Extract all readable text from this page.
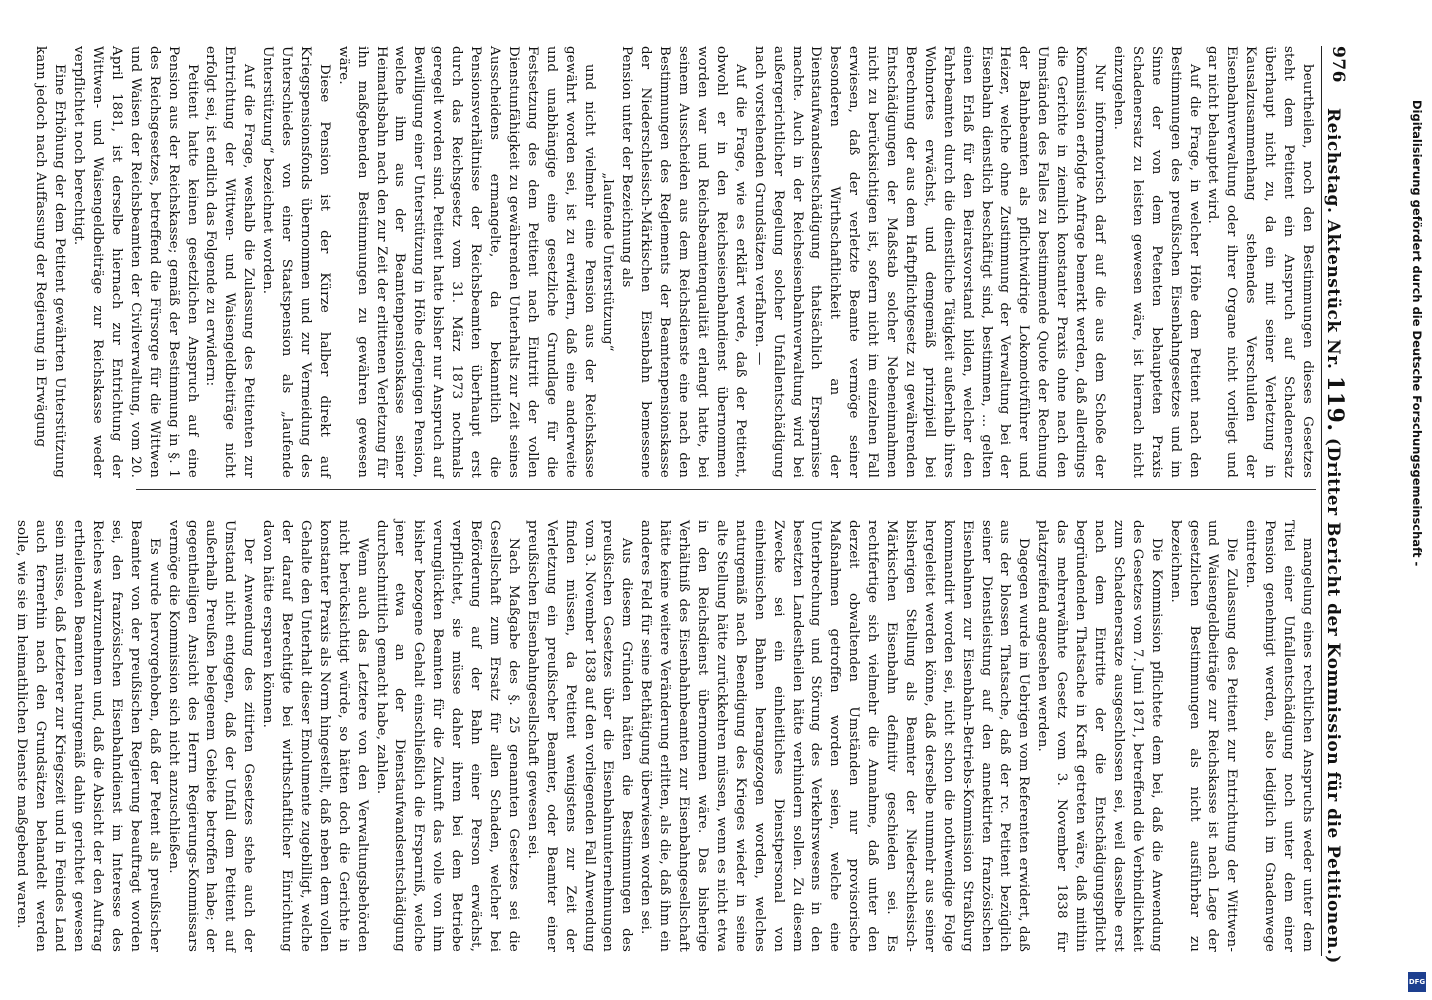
976
Reichstag. Aktenstück Nr. 119. (Dritter Bericht der Kommission für die Petitionen.)

beurtheilen, noch den Bestimmungen dieses Gesetzes steht dem Petitent ein Anspruch auf Schadenersatz überhaupt nicht zu, da ein mit seiner Verletzung in Kausalzusammenhang stehendes Verschulden der Eisenbahnverwaltung oder ihrer Organe nicht vorliegt und gar nicht behauptet wird.

Auf die Frage, in welcher Höhe dem Petitent nach den Bestimmungen des preußischen Eisenbahngesetzes und im Sinne der von dem Petenten behaupteten Praxis Schadenersatz zu leisten gewesen wäre, ist hiernach nicht einzugehen.

Nur informatorisch darf auf die aus dem Schoße der Kommission erfolgte Anfrage bemerkt werden, daß allerdings die Gerichte in ziemlich konstanter Praxis ohne nach den Umständen des Falles zu bestimmende Quote der Rechnung der Bahnbeamten als pflichtwidrige Lokomotivführer und Heizer, welche ohne Zustimmung der Verwaltung bei der Eisenbahn dienstlich beschäftigt sind, bestimmen, ... gelten einen Erlaß für den Beiratsvorstand bilden, welcher den Fahrbeamten durch die dienstliche Tätigkeit außerhalb ihres Wohnortes erwächst, und demgemäß prinzipiell bei Berechnung der aus dem Haftpflichtgesetz zu gewährenden Entschädigungen der Maßstab solcher Nebeneinnahmen nicht zu berücksichtigen ist, sofern nicht im einzelnen Fall erwiesen, daß der verletzte Beamte vermöge seiner besonderen Wirthschaftlichkeit an der Dienstaufwandsentschädigung thatsächlich Ersparnisse machte. Auch in der Reichseisenbahnverwaltung wird bei außergerichtlicher Regelung solcher Unfallentschädigung nach vorstehenden Grundsätzen verfahren. —

Auf die Frage, wie es erklärt werde, daß der Petitent, obwohl er in den Reichseisenbahndienst übernommen worden war und Reichsbeamtenqualität erlangt hatte, bei seinem Ausscheiden aus dem Reichsdienste eine nach den Bestimmungen des Reglements der Beamtenpensionskasse der Niederschlesisch-Märkischen Eisenbahn bemessene Pension unter der Bezeichnung als

„laufende Unterstützung“

und nicht vielmehr eine Pension aus der Reichskasse gewährt worden sei, ist zu erwidern, daß eine anderweite und unabhängige eine gesetzliche Grundlage für die Festsetzung des dem Petitent nach Eintritt der vollen Dienstunfähigkeit zu gewährenden Unterhalts zur Zeit seines Ausscheidens ermangelte, da bekanntlich die Pensionsverhältnisse der Reichsbeamten überhaupt erst durch das Reichsgesetz vom 31. März 1873 nochmals geregelt worden sind. Petitent hatte bisher nur Anspruch auf Bewilligung einer Unterstützung in Höhe derjenigen Pension, welche ihm aus der Beamtenpensionskasse seiner Heimathsbahn nach den zur Zeit der erlittenen Verletzung für ihn maßgebenden Bestimmungen zu gewähren gewesen wäre.

Diese Pension ist der Kürze halber direkt auf Kriegspensionsfonds übernommen und zur Vermeidung des Unterschiedes von einer Staatspension als „laufende Unterstützung“ bezeichnet worden.

Auf die Frage, weshalb die Zulassung des Petitenten zur Entrichtung der Wittwen- und Waisengeldbeiträge nicht erfolgt sei, ist endlich das Folgende zu erwidern:

Petitent hatte keinen gesetzlichen Anspruch auf eine Pension aus der Reichskasse; gemäß der Bestimmung in §. 1 des Reichsgesetzes, betreffend die Fürsorge für die Wittwen und Waisen der Reichsbeamten der Civilverwaltung, vom 20. April 1881, ist derselbe hiernach zur Entrichtung der Wittwen- und Waisengeldbeiträge zur Reichskasse weder verpflichtet noch berechtigt.

Eine Erhöhung der dem Petitent gewährten Unterstützung kann jedoch nach Auffassung der Regierung in Erwägung

mangelung eines rechtlichen Anspruchs weder unter dem Titel einer Unfallentschädigung noch unter dem einer Pension genehmigt werden, also lediglich im Gnadenwege eintreten.

Die Zulassung des Petitent zur Entrichtung der Wittwen- und Waisengeldbeiträge zur Reichskasse ist nach Lage der gesetzlichen Bestimmungen als nicht ausführbar zu bezeichnen.

Die Kommission pflichtete dem bei, daß die Anwendung des Gesetzes vom 7. Juni 1871, betreffend die Verbindlichkeit zum Schadenersatze ausgeschlossen sei, weil dasselbe erst nach dem Eintritte der die Entschädigungspflicht begründenden Thatsache in Kraft getreten wäre, daß mithin das mehrerwähnte Gesetz vom 3. November 1838 für platzgreifend angesehen werden.

Dagegen wurde im Uebrigen vom Referenten erwidert, daß aus der blossen Thatsache, daß der rc. Petitent bezüglich seiner Dienstleistung auf den annektirten französischen Eisenbahnen zur Eisenbahn-Betriebs-Kommission Straßburg kommandirt worden sei, nicht schon die nothwendige Folge hergeleitet werden könne, daß derselbe nunmehr aus seiner bisherigen Stellung als Beamter der Niederschlesisch-Märkischen Eisenbahn definitiv geschieden sei. Es rechtfertige sich vielmehr die Annahme, daß unter den derzeit obwaltenden Umständen nur provisorische Maßnahmen getroffen worden seien, welche eine Unterbrechung und Störung des Verkehrswesens in den besetzten Landestheilen hätte verhindern sollen. Zu diesem Zwecke sei ein einheitliches Dienstpersonal von einheimischen Bahnen herangezogen worden, welches naturgemäß nach Beendigung des Krieges wieder in seine alte Stellung hätte zurückkehren müssen, wenn es nicht etwa in den Reichsdienst übernommen wäre. Das bisherige Verhältniß des Eisenbahnbeamten zur Eisenbahngesellschaft hätte keine weitere Veränderung erlitten, als die, daß ihm ein anderes Feld für seine Bethätigung überwiesen worden sei.

Aus diesem Gründen hätten die Bestimmungen des preußischen Gesetzes über die Eisenbahnunternehmungen vom 3. November 1838 auf den vorliegenden Fall Anwendung finden müssen, da Petitent wenigstens zur Zeit der Verletzung ein preußischer Beamter, oder Beamter einer preußischen Eisenbahngesellschaft gewesen sei.

Nach Maßgabe des §. 25 genannten Gesetzes sei die Gesellschaft zum Ersatz für allen Schaden, welcher bei Beförderung auf der Bahn einer Person erwächst, verpflichtet, sie müsse daher ihrem bei dem Betriebe verunglückten Beamten für die Zukunft das volle von ihm bisher bezogene Gehalt einschließlich die Ersparniß, welche jener etwa an der Dienstaufwandsentschädigung durchschnittlich gemacht habe, zahlen.

Wenn auch das Letztere von den Verwaltungsbehörden nicht berücksichtigt würde, so hätten doch die Gerichte in konstanter Praxis als Norm hingestellt, daß neben dem vollen Gehalte den Unterhalt dieser Emolumente zugebilligt, welche der darauf Berechtigte bei wirthschaftlicher Einrichtung davon hätte ersparen können.

Der Anwendung des zitirten Gesetzes stehe auch der Umstand nicht entgegen, daß der Unfall dem Petitent auf außerhalb Preußen belegenem Gebiete betroffen habe; der gegentheiligen Ansicht des Herrn Regierungs-Kommissars vermöge die Kommission sich nicht anzuschließen.

Es wurde hervorgehoben, daß der Petent als preußischer Beamter von der preußischen Regierung beauftragt worden sei, den französischen Eisenbahndienst im Interesse des Reiches wahrzunehmen und, daß die Absicht der den Auftrag ertheilenden Beamten naturgemäß dahin gerichtet gewesen sein müsse, daß Letzterer zur Kriegszeit und in Feindes Land auch fernerhin nach den Grundsätzen behandelt werden solle, wie sie im heimathlichen Dienste maßgebend waren.

Digitalisierung gefördert durch die Deutsche Forschungsgemeinschaft -
DFG
